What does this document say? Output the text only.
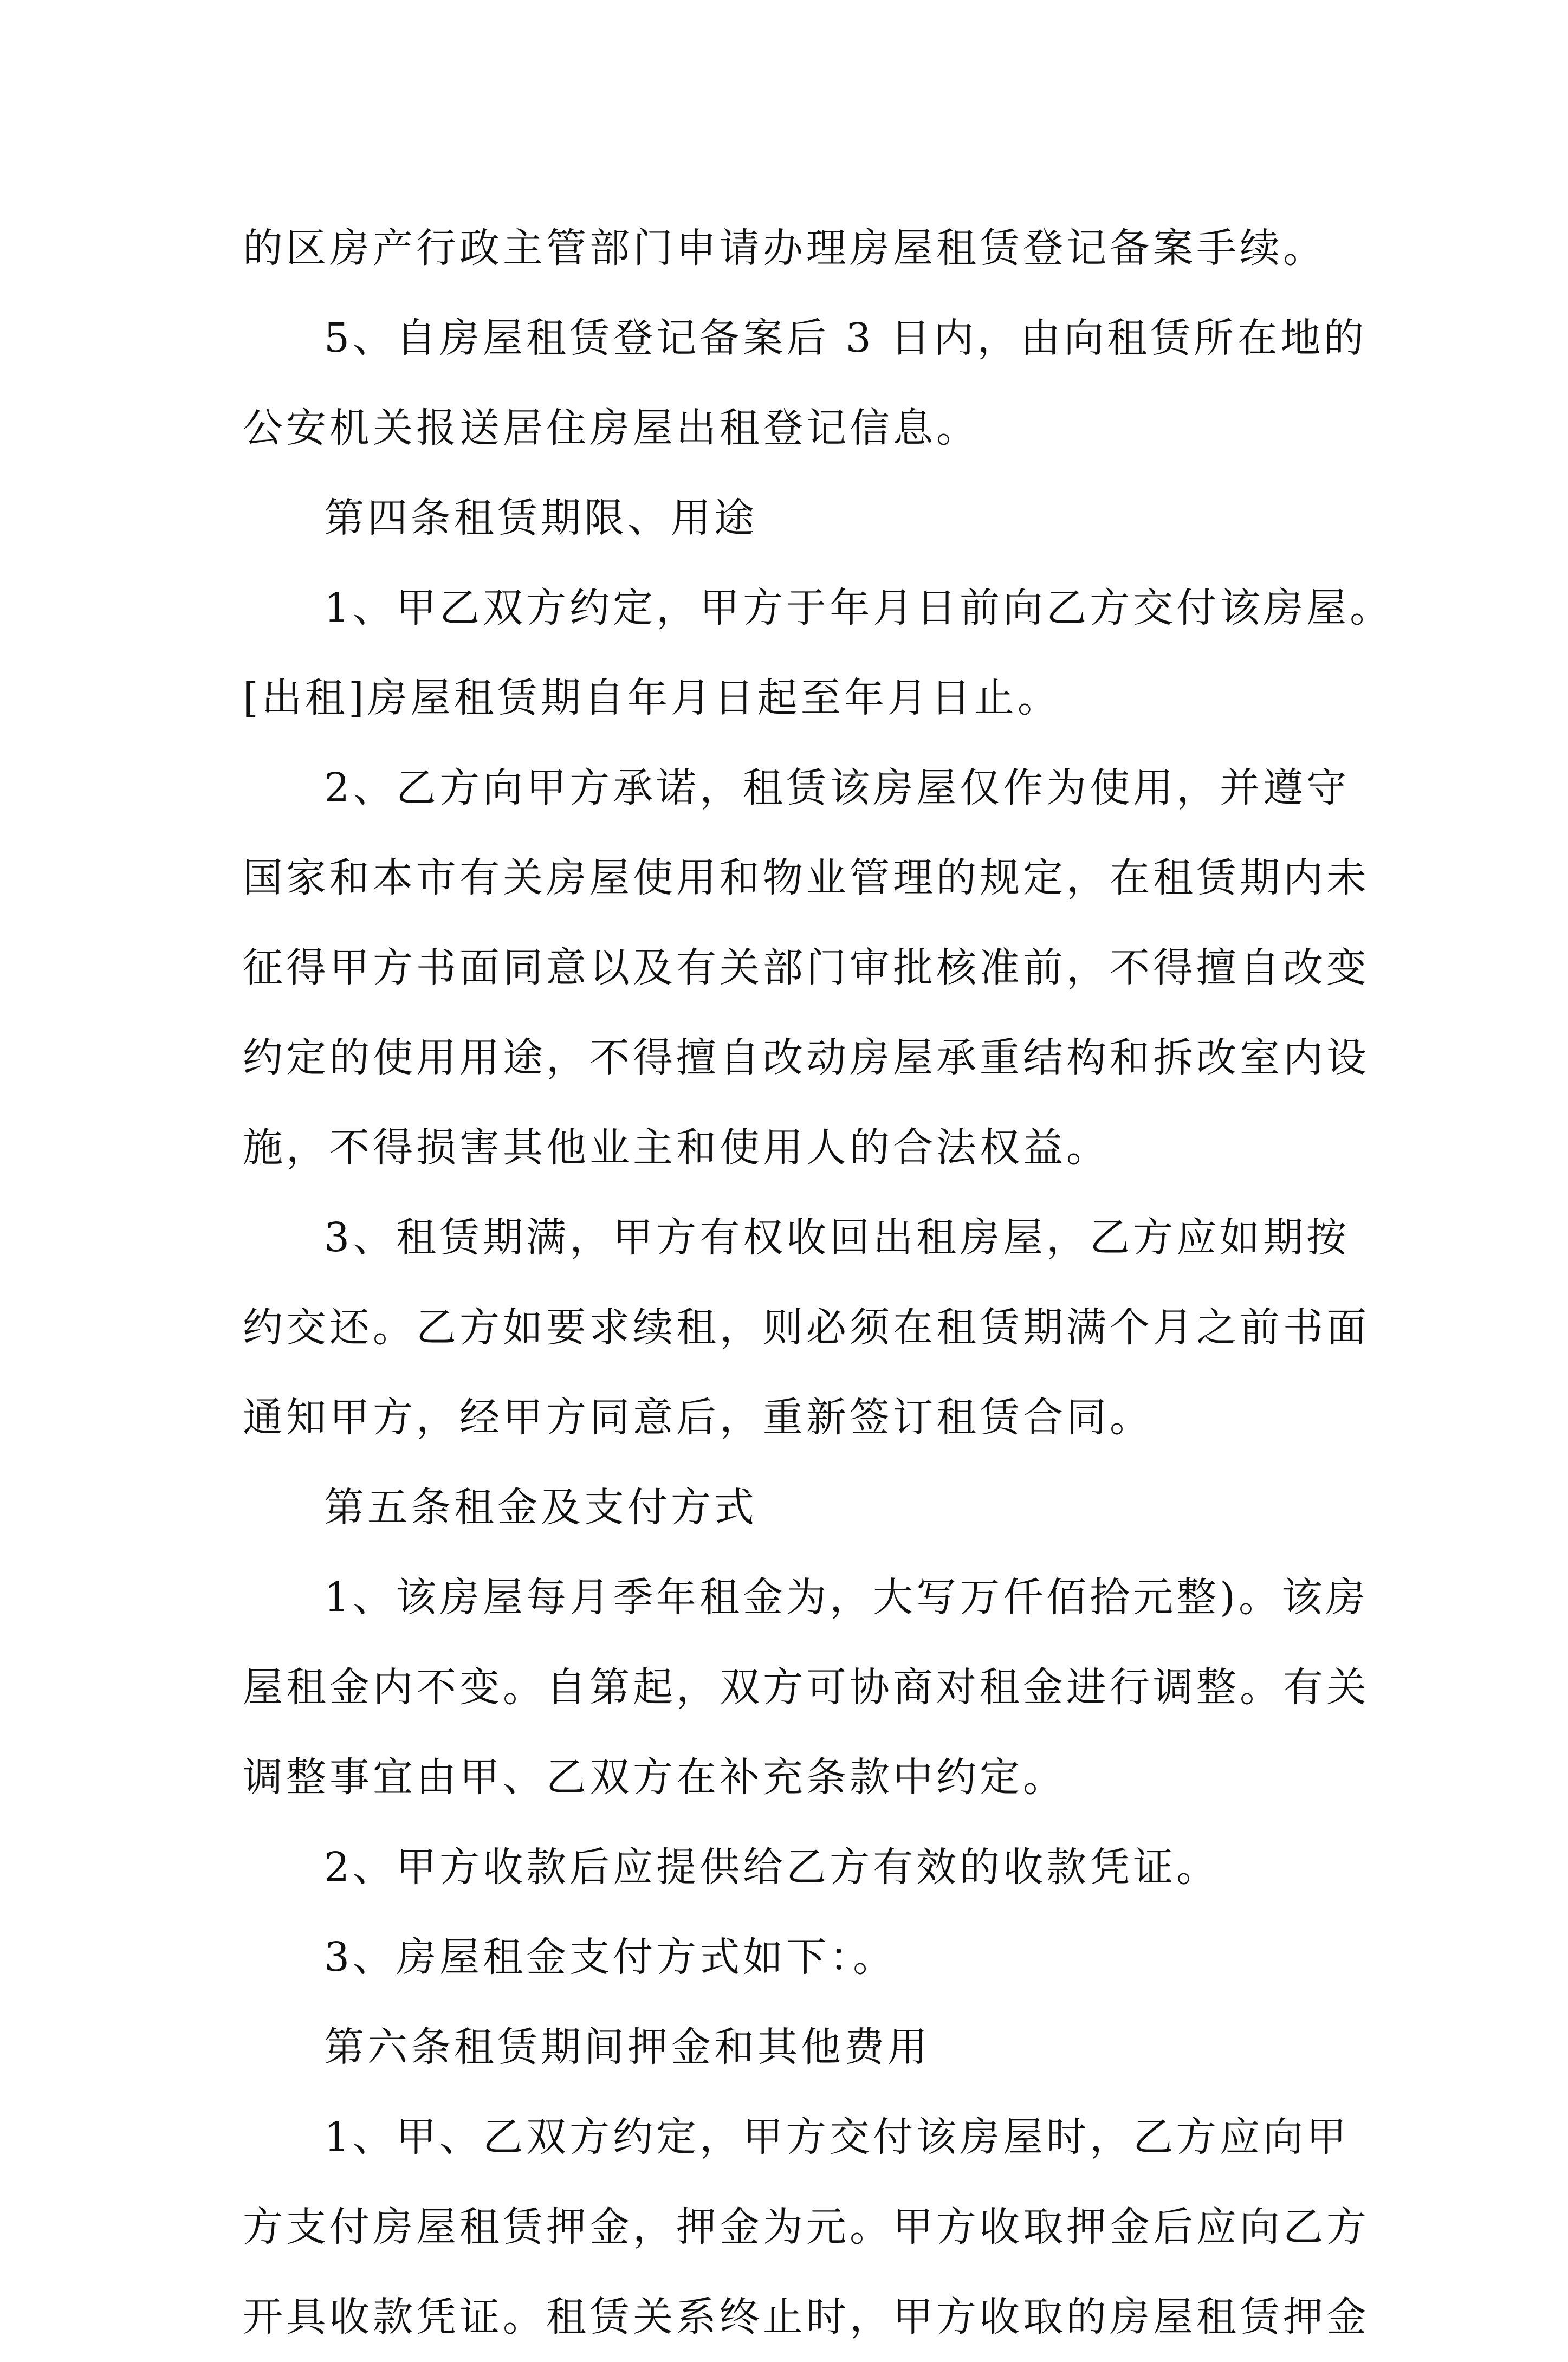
的区房产行政主管部门申请办理房屋租赁登记备案手续。
5、自房屋租赁登记备案后 3 日内，由向租赁所在地的
公安机关报送居住房屋出租登记信息。
第四条租赁期限、用途
1、甲乙双方约定，甲方于年月日前向乙方交付该房屋。
[出租]房屋租赁期自年月日起至年月日止。
2、乙方向甲方承诺，租赁该房屋仅作为使用，并遵守
国家和本市有关房屋使用和物业管理的规定，在租赁期内未
征得甲方书面同意以及有关部门审批核准前，不得擅自改变
约定的使用用途，不得擅自改动房屋承重结构和拆改室内设
施，不得损害其他业主和使用人的合法权益。
3、租赁期满，甲方有权收回出租房屋，乙方应如期按
约交还。乙方如要求续租，则必须在租赁期满个月之前书面
通知甲方，经甲方同意后，重新签订租赁合同。
第五条租金及支付方式
1、该房屋每月季年租金为，大写万仟佰拾元整)。该房
屋租金内不变。自第起，双方可协商对租金进行调整。有关
调整事宜由甲、乙双方在补充条款中约定。
2、甲方收款后应提供给乙方有效的收款凭证。
3、房屋租金支付方式如下：。
第六条租赁期间押金和其他费用
1、甲、乙双方约定，甲方交付该房屋时，乙方应向甲
方支付房屋租赁押金，押金为元。甲方收取押金后应向乙方
开具收款凭证。租赁关系终止时，甲方收取的房屋租赁押金
